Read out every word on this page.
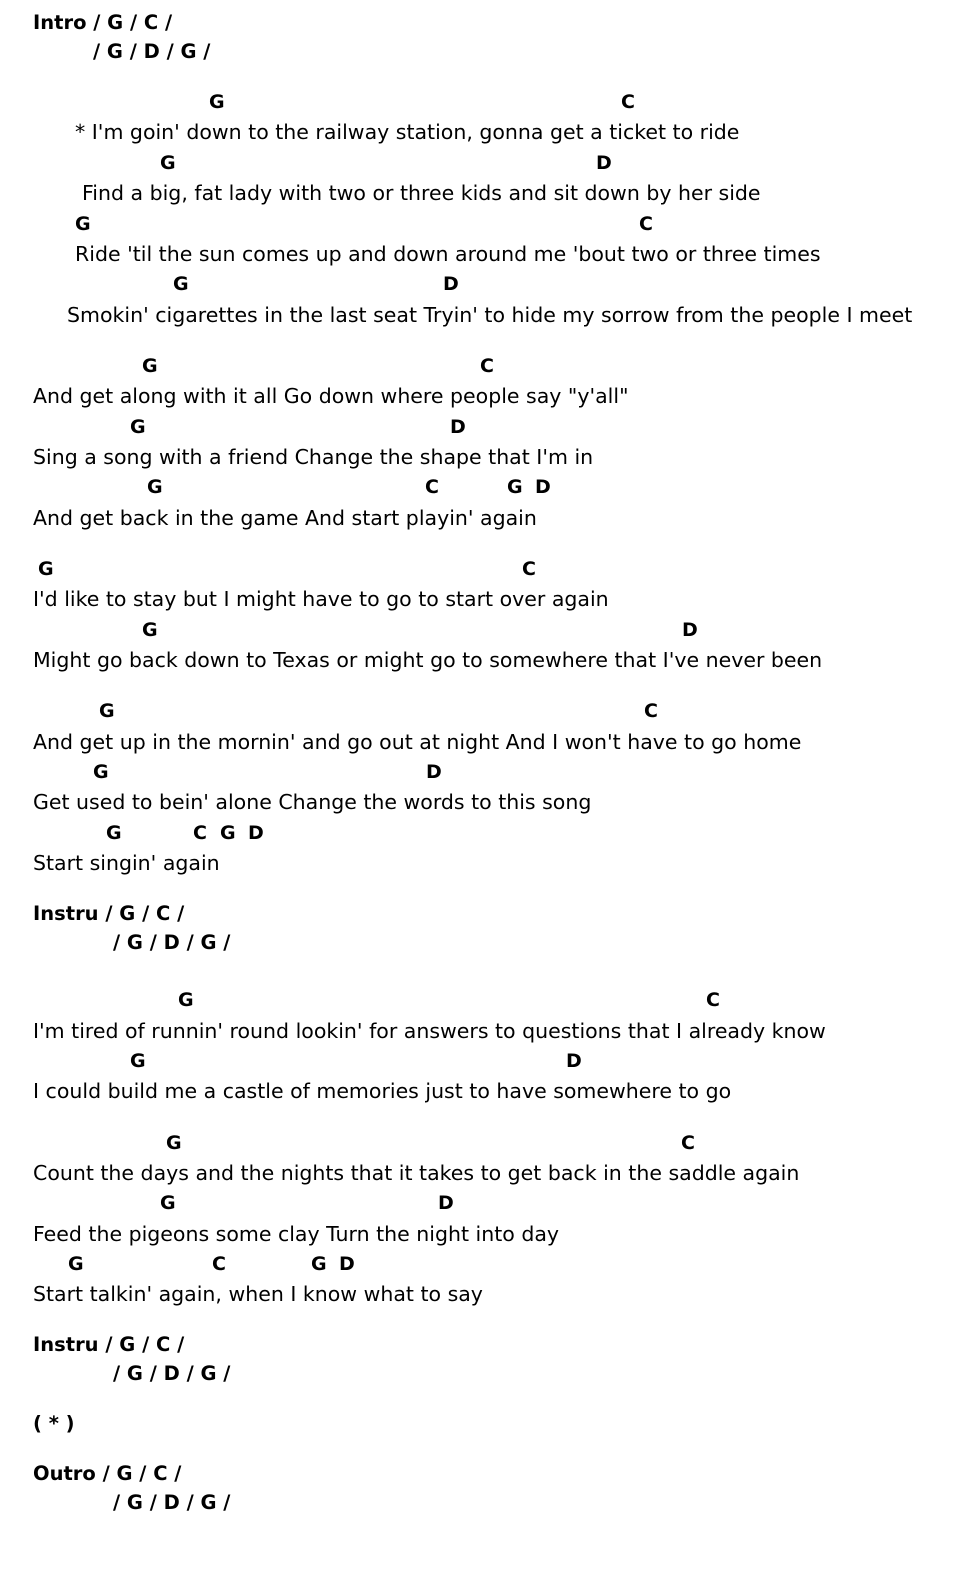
Intro / G / C /
/ G / D / G /
G	C
* I'm goin' down to the railway station, gonna get a ticket to ride
G	D
Find a big, fat lady with two or three kids and sit down by her side
G	C
Ride 'til the sun comes up and down around me 'bout two or three times
G	D
Smokin' cigarettes in the last seat Tryin' to hide my sorrow from the people I meet
G	C
And get along with it all Go down where people say "y'all"
G	D
Sing a song with a friend Change the shape that I'm in
G	C	G D
And get back in the game And start playin' again
G	C
I'd like to stay but I might have to go to start over again
G	D
Might go back down to Texas or might go to somewhere that I've never been
G	C
And get up in the mornin' and go out at night And I won't have to go home
G	D
Get used to bein' alone Change the words to this song
G	C G D
Start singin' again
Instru / G / C /
/ G / D / G /
G	C
I'm tired of runnin' round lookin' for answers to questions that I already know
G	D
I could build me a castle of memories just to have somewhere to go
G	C
Count the days and the nights that it takes to get back in the saddle again
G	D
Feed the pigeons some clay Turn the night into day
G	C	G D
Start talkin' again, when I know what to say
Instru / G / C /
/ G / D / G /
( * )
Outro / G / C /
/ G / D / G /
